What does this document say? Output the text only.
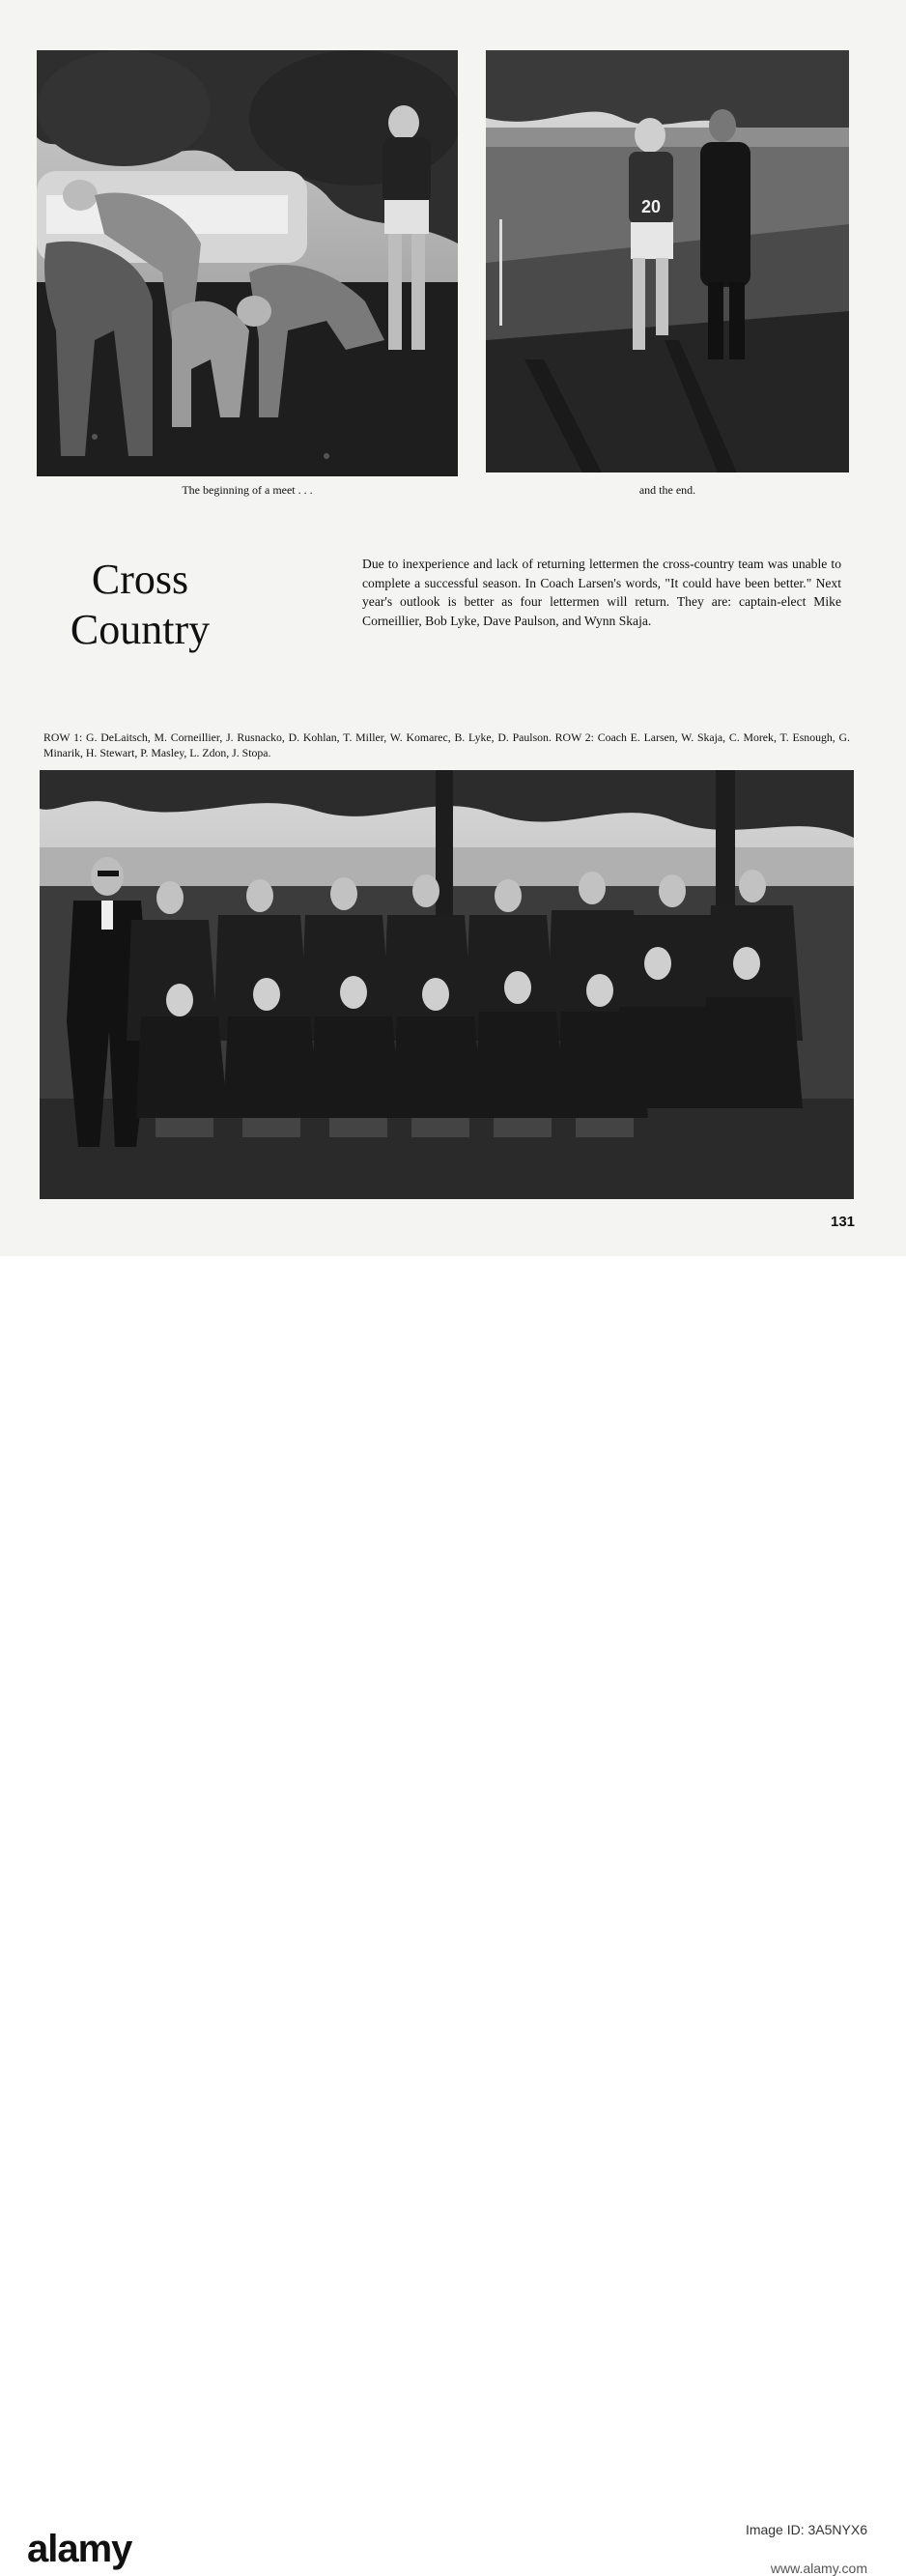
20
The beginning of a meet . . .	and the end.
Cross
Country
Due to inexperience and lack of returning lettermen the cross-country team was unable to complete a successful season. In Coach Larsen's words, "It could have been better." Next year's outlook is better as four lettermen will return. They are: captain-elect Mike Corneillier, Bob Lyke, Dave Paulson, and Wynn Skaja.
ROW 1: G. DeLaitsch, M. Corneillier, J. Rusnacko, D. Kohlan, T. Miller, W. Komarec, B. Lyke, D. Paulson. ROW 2: Coach E. Larsen, W. Skaja, C. Morek, T. Esnough, G. Minarik, H. Stewart, P. Masley, L. Zdon, J. Stopa.
131
alamy	Image ID: 3A5NYX6
www.alamy.com
